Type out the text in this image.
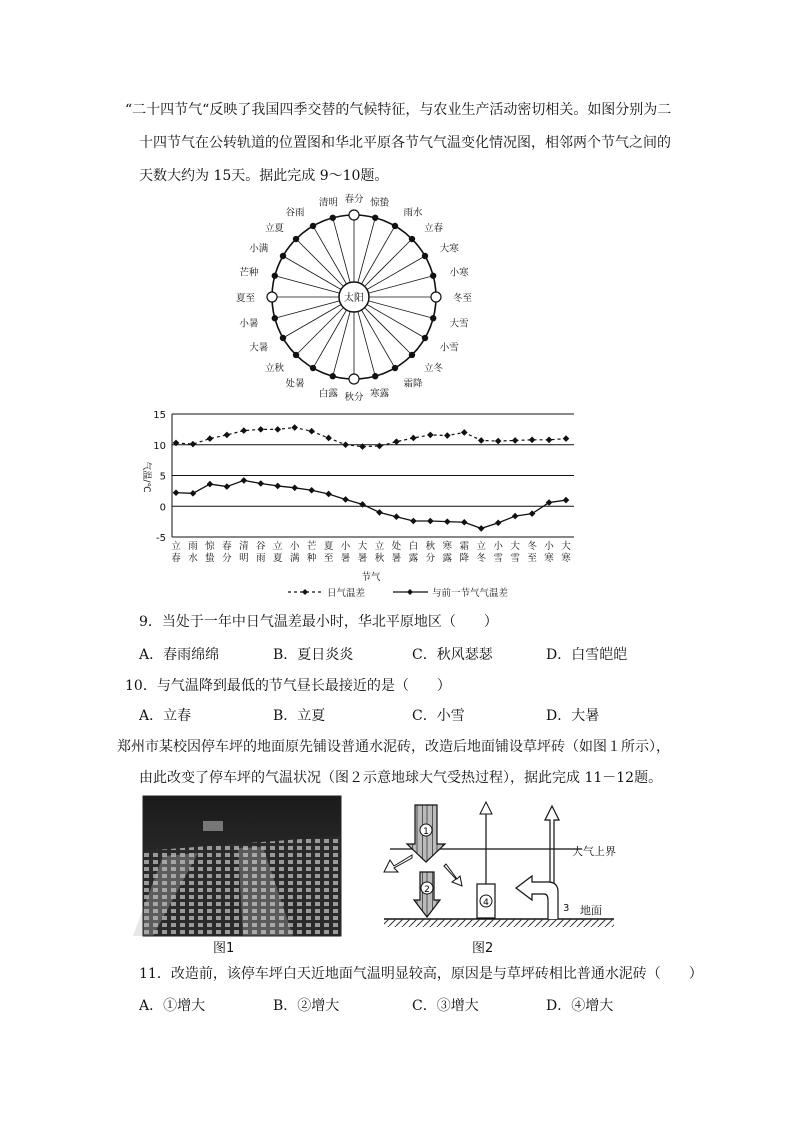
“二十四节气“反映了我国四季交替的气候特征，与农业生产活动密切相关。如图分别为二
十四节气在公转轨道的位置图和华北平原各节气气温变化情况图，相邻两个节气之间的
天数大约为 15天。据此完成 9～10题。
春分 惊蛰
雨水
立春
大寒
小寒
冬至
大雪
小雪
立冬
霜降
寒露
秋分
白露
处暑
立秋
大暑
小暑
夏至
芒种
小满
立夏
谷雨
清明
太阳
15
10
5
0
-5
气温/℃
立春
雨水
惊蛰
春分
清明
谷雨
立夏
小满
芒种
夏至
小暑
大暑
立秋
处暑
白露
秋分
寒露
霜降
立冬
小雪
大雪
冬至
小寒
大寒
节气
日气温差	与前一节气气温差
9．当处于一年中日气温差最小时，华北平原地区（　　）
A．春雨绵绵	B．夏日炎炎	C．秋风瑟瑟	D．白雪皑皑
10．与气温降到最低的节气昼长最接近的是（　　）
A．立春	B．立夏	C．小雪	D．大暑
郑州市某校因停车坪的地面原先铺设普通水泥砖，改造后地面铺设草坪砖（如图１所示），
由此改变了停车坪的气温状况（图２示意地球大气受热过程），据此完成 11－12题。
图1
1
2
4	3
大气上界
地面
图2
11．改造前，该停车坪白天近地面气温明显较高，原因是与草坪砖相比普通水泥砖（　　）
A．①增大	B．②增大	C．③增大	D．④增大
